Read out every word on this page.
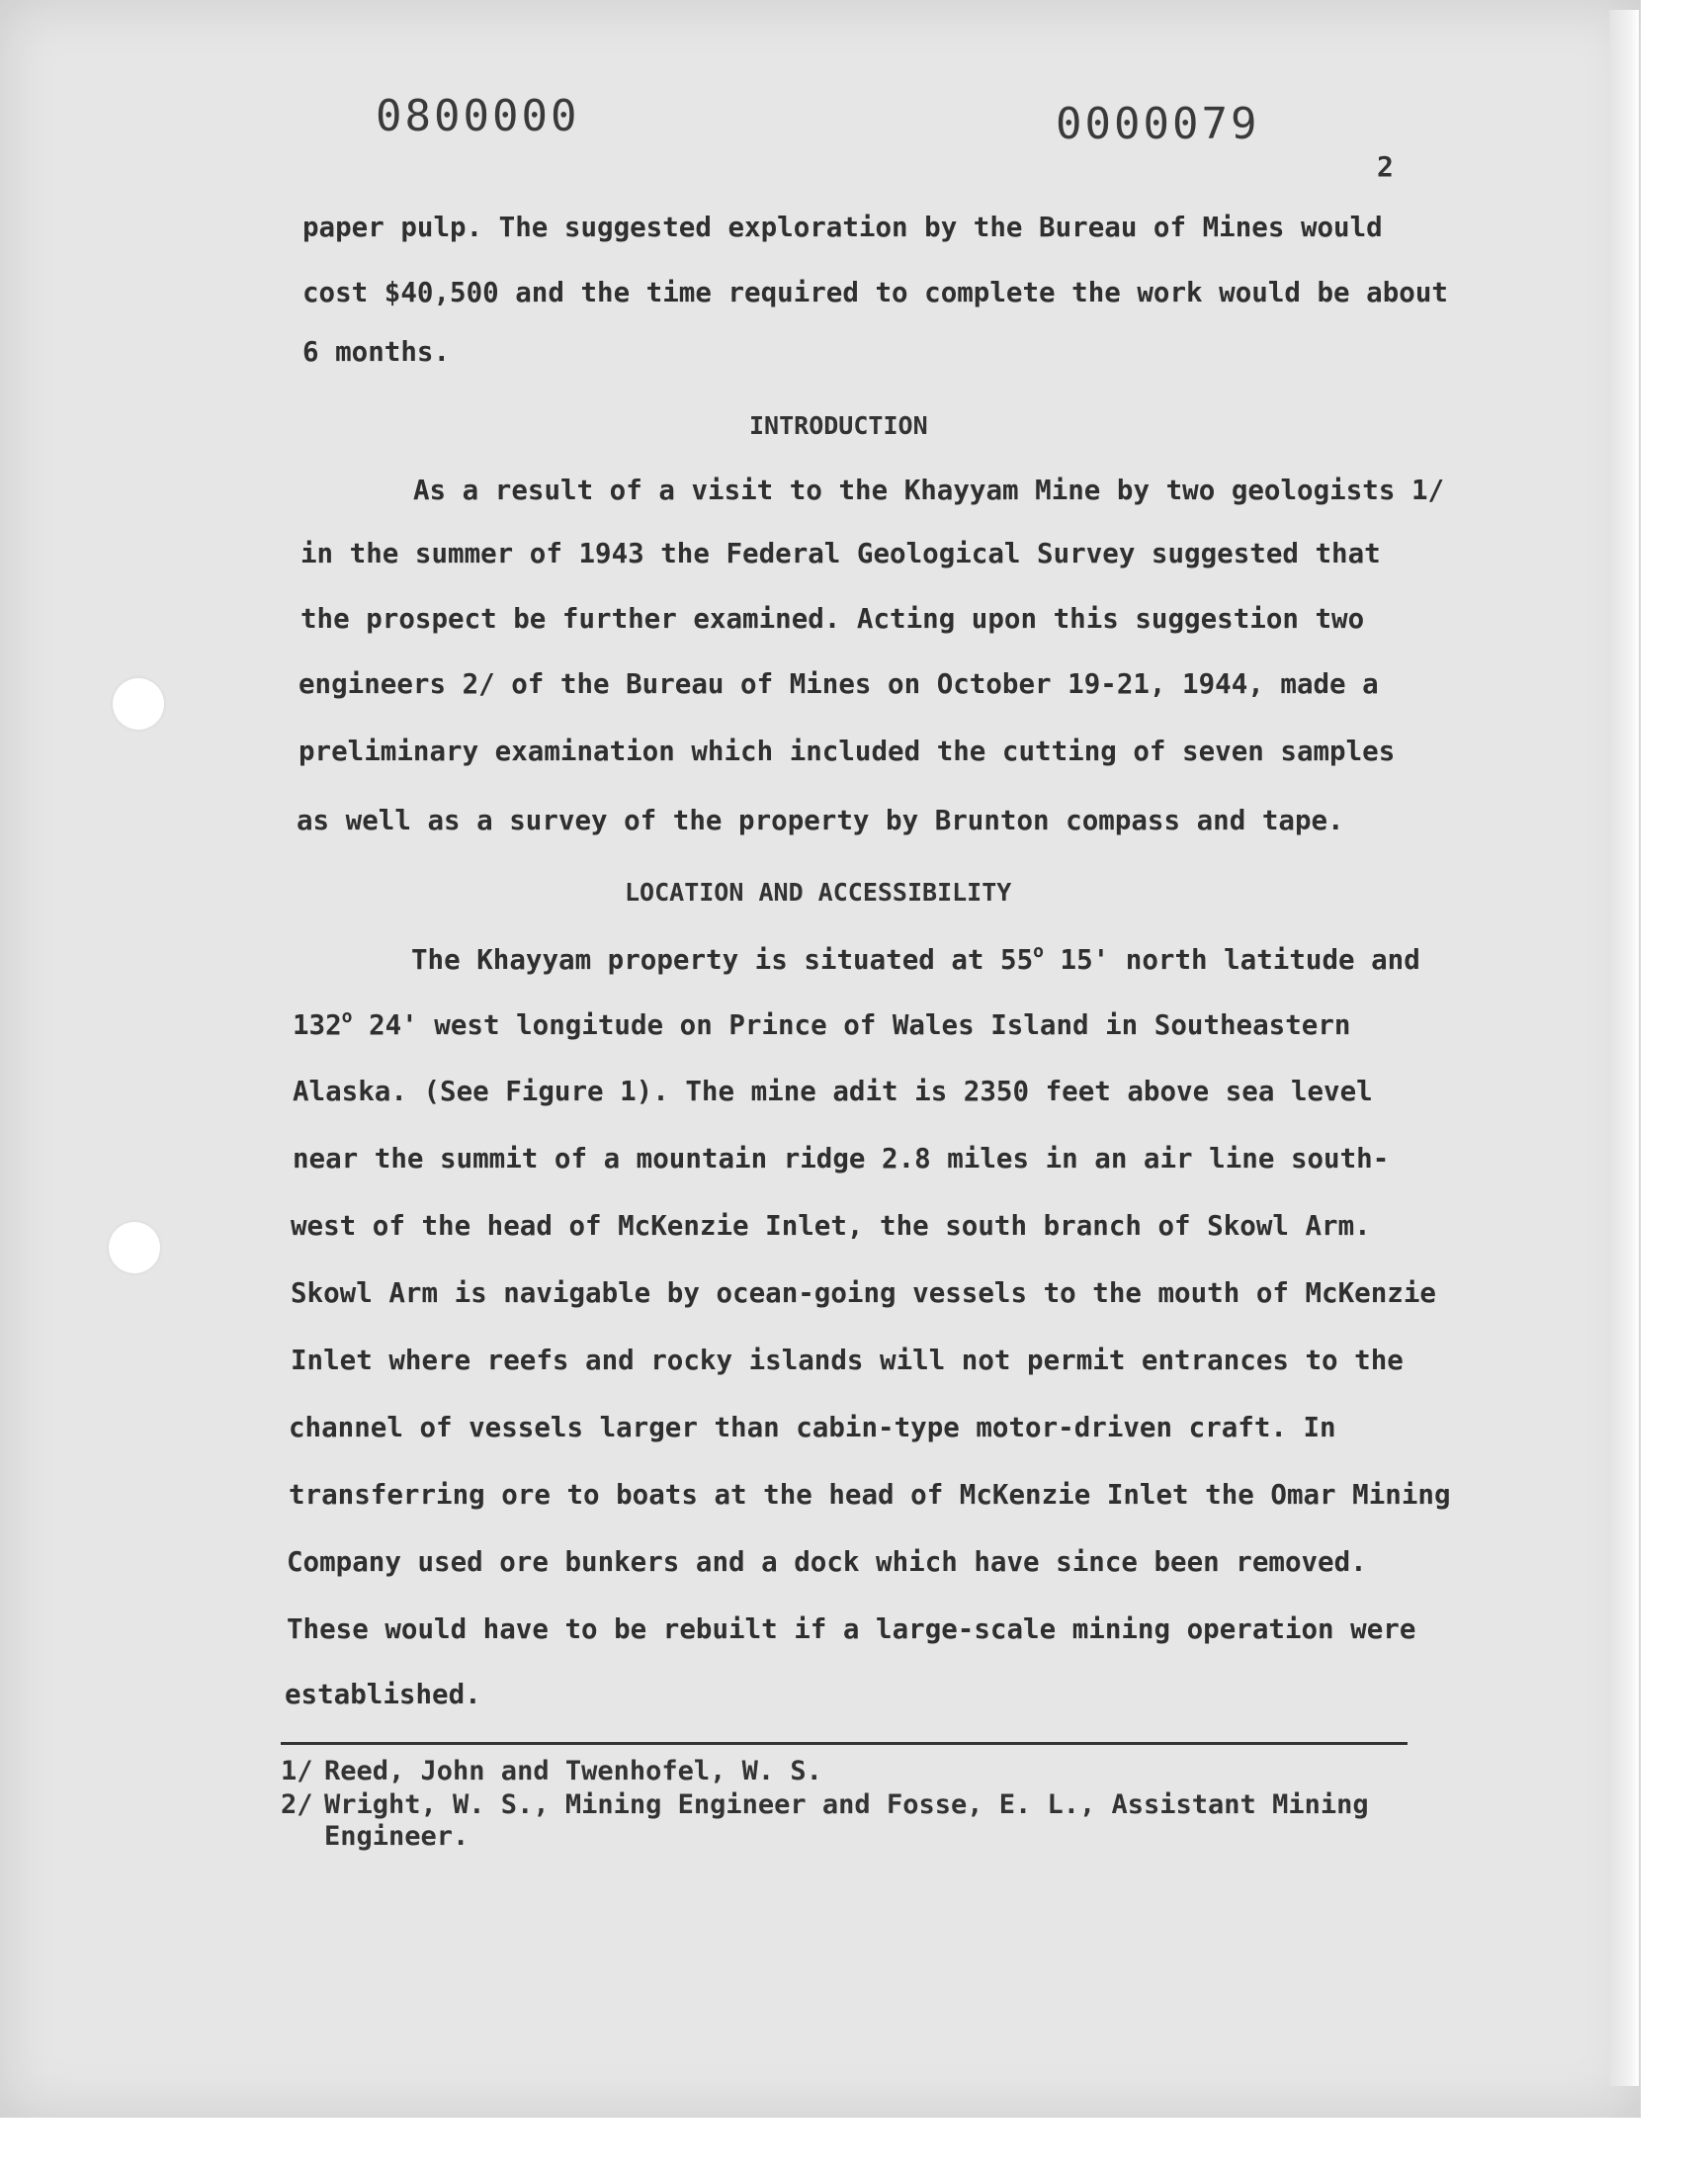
0800000	0000079
2
paper pulp. The suggested exploration by the Bureau of Mines would
cost $40,500 and the time required to complete the work would be about
6 months.
INTRODUCTION
As a result of a visit to the Khayyam Mine by two geologists 1/
in the summer of 1943 the Federal Geological Survey suggested that
the prospect be further examined. Acting upon this suggestion two
engineers 2/ of the Bureau of Mines on October 19-21, 1944, made a
preliminary examination which included the cutting of seven samples
as well as a survey of the property by Brunton compass and tape.
LOCATION AND ACCESSIBILITY
The Khayyam property is situated at 55$^o$ 15' north latitude and
132$^o$ 24' west longitude on Prince of Wales Island in Southeastern
Alaska. (See Figure 1). The mine adit is 2350 feet above sea level
near the summit of a mountain ridge 2.8 miles in an air line south-
west of the head of McKenzie Inlet, the south branch of Skowl Arm.
Skowl Arm is navigable by ocean-going vessels to the mouth of McKenzie
Inlet where reefs and rocky islands will not permit entrances to the
channel of vessels larger than cabin-type motor-driven craft. In
transferring ore to boats at the head of McKenzie Inlet the Omar Mining
Company used ore bunkers and a dock which have since been removed.
These would have to be rebuilt if a large-scale mining operation were
established.
1/ Reed, John and Twenhofel, W. S.
2/ Wright, W. S., Mining Engineer and Fosse, E. L., Assistant Mining
Engineer.
